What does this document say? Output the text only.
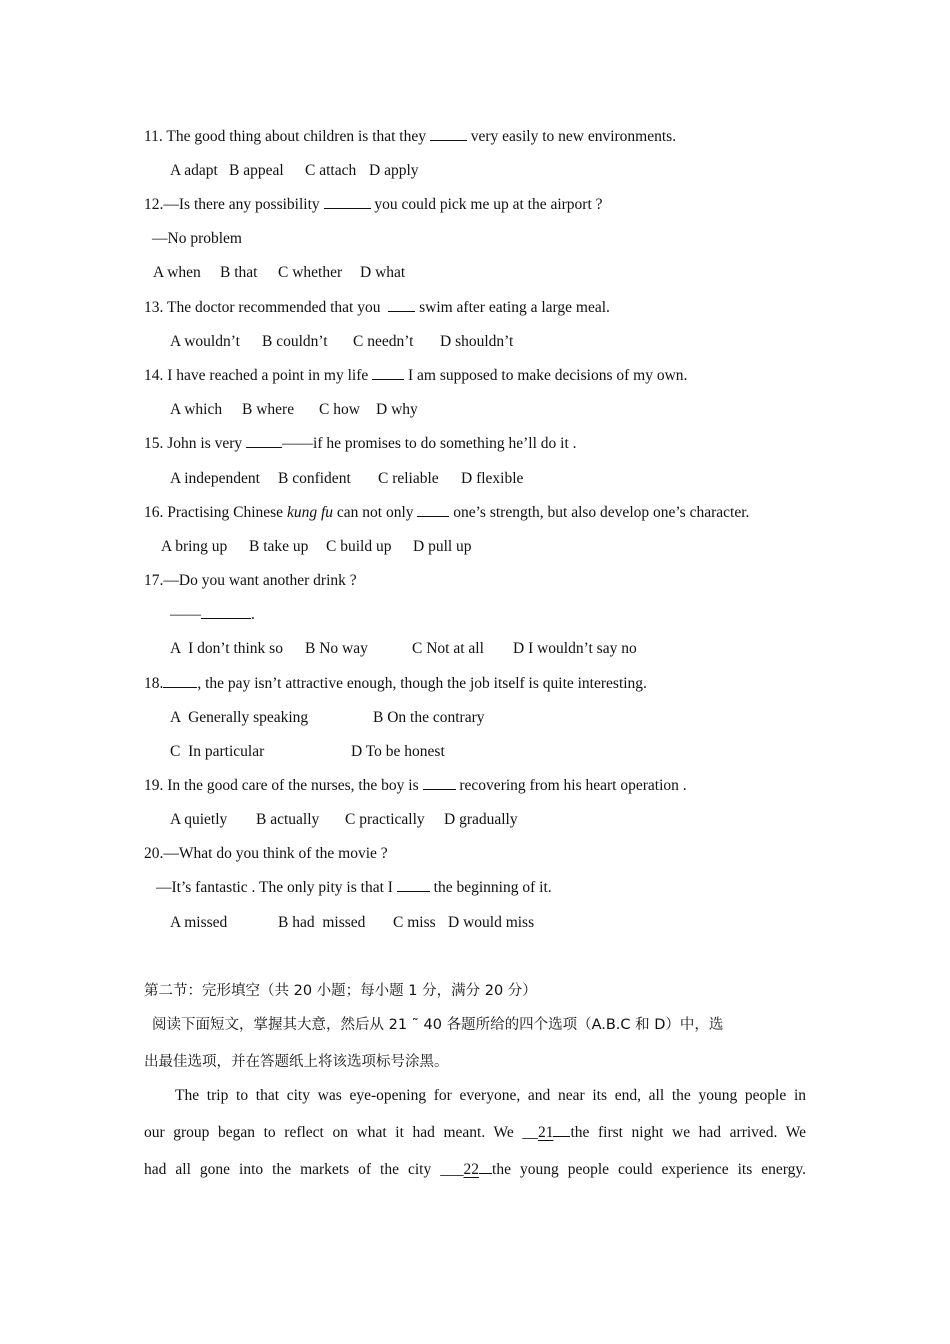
11. The good thing about children is that they	very easily to new environments.
A adapt B appeal C attach D apply
12.—Is there any possibility	you could pick me up at the airport ?
—No problem
A when B that C whether D what
13. The doctor recommended that you swim after eating a large meal.
A wouldn’t B couldn’t C needn’t D shouldn’t
14. I have reached a point in my life	I am supposed to make decisions of my own.
A which B where C how D why
15. John is very	——if he promises to do something he’ll do it .
A independent B confident C reliable D flexible
16. Practising Chinese kung fu can not only	one’s strength, but also develop one’s character.
A bring up B take up C build up D pull up
17.—Do you want another drink ?
——	.
A  I don’t think so B No way	C Not at all D I wouldn’t say no
18. , the pay isn’t attractive enough, though the job itself is quite interesting.
A  Generally speaking	B On the contrary
C  In particular	D To be honest
19. In the good care of the nurses, the boy is	recovering from his heart operation .
A quietly B actually C practically D gradually
20.—What do you think of the movie ?
—It’s fantastic . The only pity is that I	the beginning of it.
A missed	B had  missed C miss D would miss
第二节：完形填空（共 20 小题；每小题 1 分，满分 20 分）
阅读下面短文，掌握其大意，然后从 21 ˜ 40 各题所给的四个选项（A.B.C 和 D）中，选
出最佳选项，并在答题纸上将该选项标号涂黑。
The trip to that city was eye-opening for everyone, and near its end, all the young people in
our group began to reflect on what it had meant. We __21 the first night we had arrived. We
had all gone into the markets of the city ___22 the young people could experience its energy.
